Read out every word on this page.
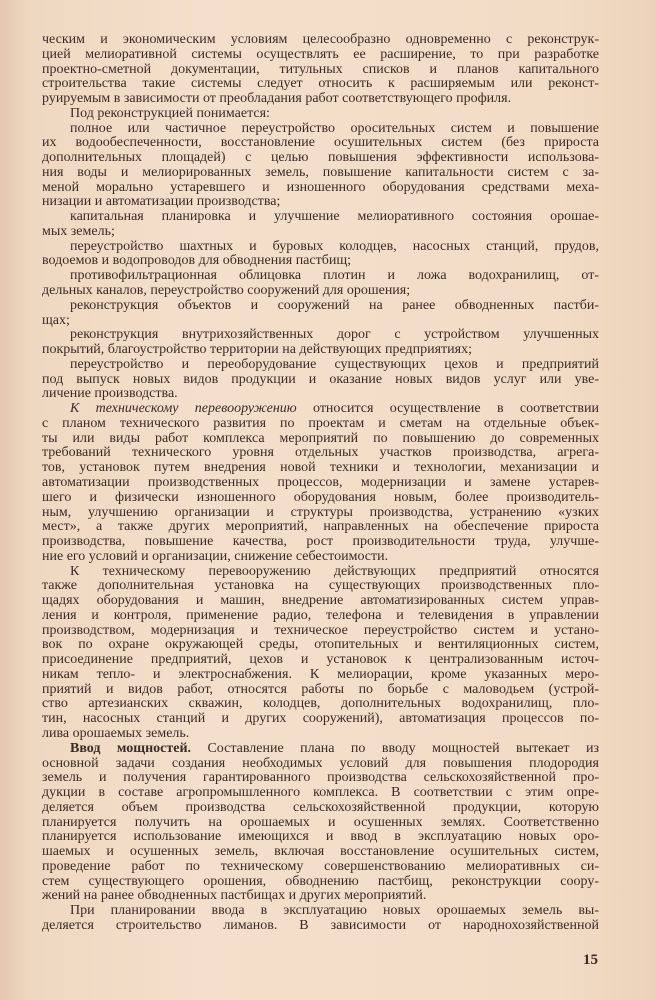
ческим и экономическим условиям целесообразно одновременно с реконструк-
цией мелиоративной системы осуществлять ее расширение, то при разработке
проектно-сметной документации, титульных списков и планов капитального
строительства такие системы следует относить к расширяемым или реконст-
руируемым в зависимости от преобладания работ соответствующего профиля.
Под реконструкцией понимается:
полное или частичное переустройство оросительных систем и повышение
их водообеспеченности, восстановление осушительных систем (без прироста
дополнительных площадей) с целью повышения эффективности использова-
ния воды и мелиорированных земель, повышение капитальности систем с за-
меной морально устаревшего и изношенного оборудования средствами меха-
низации и автоматизации производства;
капитальная планировка и улучшение мелиоративного состояния орошае-
мых земель;
переустройство шахтных и буровых колодцев, насосных станций, прудов,
водоемов и водопроводов для обводнения пастбищ;
противофильтрационная облицовка плотин и ложа водохранилищ, от-
дельных каналов, переустройство сооружений для орошения;
реконструкция объектов и сооружений на ранее обводненных пастби-
щах;
реконструкция внутрихозяйственных дорог с устройством улучшенных
покрытий, благоустройство территории на действующих предприятиях;
переустройство и переоборудование существующих цехов и предприятий
под выпуск новых видов продукции и оказание новых видов услуг или уве-
личение производства.
К техническому перевооружению относится осуществление в соответствии
с планом технического развития по проектам и сметам на отдельные объек-
ты или виды работ комплекса мероприятий по повышению до современных
требований технического уровня отдельных участков производства, агрега-
тов, установок путем внедрения новой техники и технологии, механизации и
автоматизации производственных процессов, модернизации и замене устарев-
шего и физически изношенного оборудования новым, более производитель-
ным, улучшению организации и структуры производства, устранению «узких
мест», а также других мероприятий, направленных на обеспечение прироста
производства, повышение качества, рост производительности труда, улучше-
ние его условий и организации, снижение себестоимости.
К техническому перевооружению действующих предприятий относятся
также дополнительная установка на существующих производственных пло-
щадях оборудования и машин, внедрение автоматизированных систем управ-
ления и контроля, применение радио, телефона и телевидения в управлении
производством, модернизация и техническое переустройство систем и устано-
вок по охране окружающей среды, отопительных и вентиляционных систем,
присоединение предприятий, цехов и установок к централизованным источ-
никам тепло- и электроснабжения. К мелиорации, кроме указанных меро-
приятий и видов работ, относятся работы по борьбе с маловодьем (устрой-
ство артезианских скважин, колодцев, дополнительных водохранилищ, пло-
тин, насосных станций и других сооружений), автоматизация процессов по-
лива орошаемых земель.
Ввод мощностей. Составление плана по вводу мощностей вытекает из
основной задачи создания необходимых условий для повышения плодородия
земель и получения гарантированного производства сельскохозяйственной про-
дукции в составе агропромышленного комплекса. В соответствии с этим опре-
деляется объем производства сельскохозяйственной продукции, которую
планируется получить на орошаемых и осушенных землях. Соответственно
планируется использование имеющихся и ввод в эксплуатацию новых оро-
шаемых и осушенных земель, включая восстановление осушительных систем,
проведение работ по техническому совершенствованию мелиоративных си-
стем существующего орошения, обводнению пастбищ, реконструкции соору-
жений на ранее обводненных пастбищах и других мероприятий.
При планировании ввода в эксплуатацию новых орошаемых земель вы-
деляется строительство лиманов. В зависимости от народнохозяйственной
15
